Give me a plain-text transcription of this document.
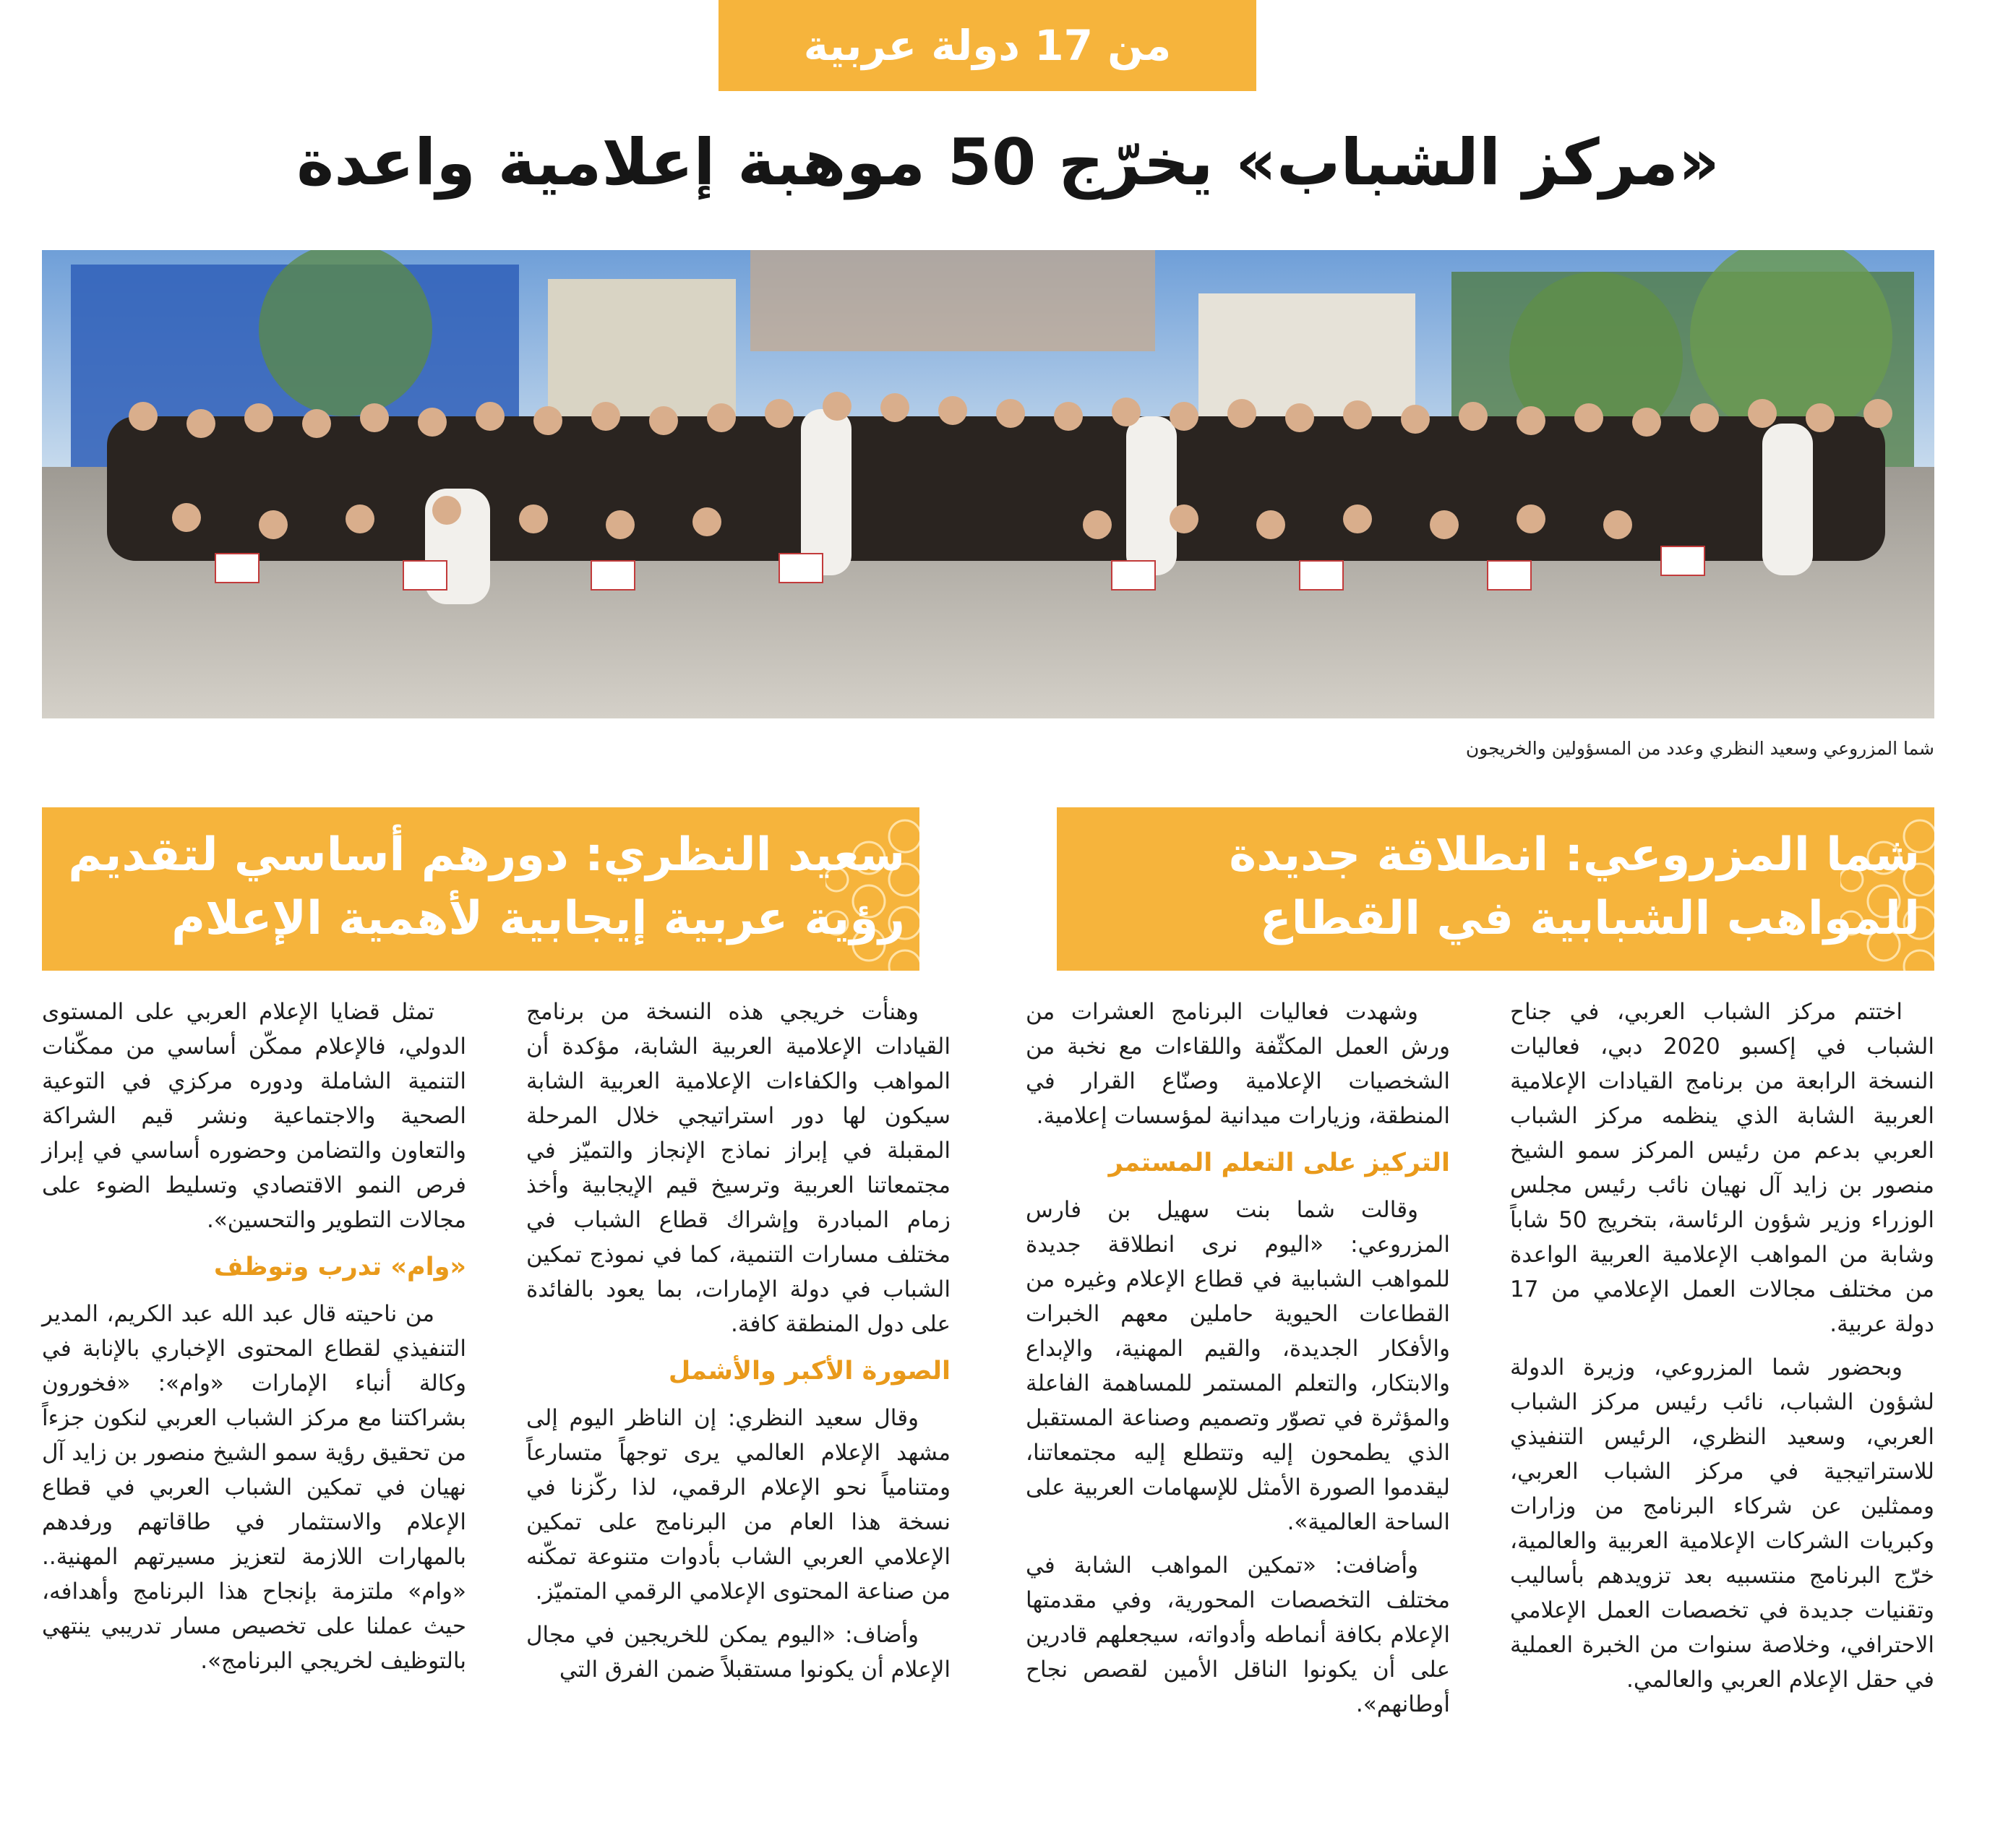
من 17 دولة عربية
«مركز الشباب» يخرّج 50 موهبة إعلامية واعدة
شما المزروعي وسعيد النظري وعدد من المسؤولين والخريجون
شما المزروعي: انطلاقة جديدة
للمواهب الشبابية في القطاع
سعيد النظري: دورهم أساسي لتقديم
رؤية عربية إيجابية لأهمية الإعلام

اختتم مركز الشباب العربي، في جناح الشباب في إكسبو 2020 دبي، فعاليات النسخة الرابعة من برنامج القيادات الإعلامية العربية الشابة الذي ينظمه مركز الشباب العربي بدعم من رئيس المركز سمو الشيخ منصور بن زايد آل نهيان نائب رئيس مجلس الوزراء وزير شؤون الرئاسة، بتخريج 50 شاباً وشابة من المواهب الإعلامية العربية الواعدة من مختلف مجالات العمل الإعلامي من 17 دولة عربية.

وبحضور شما المزروعي، وزيرة الدولة لشؤون الشباب، نائب رئيس مركز الشباب العربي، وسعيد النظري، الرئيس التنفيذي للاستراتيجية في مركز الشباب العربي، وممثلين عن شركاء البرنامج من وزارات وكبريات الشركات الإعلامية العربية والعالمية، خرّج البرنامج منتسبيه بعد تزويدهم بأساليب وتقنيات جديدة في تخصصات العمل الإعلامي الاحترافي، وخلاصة سنوات من الخبرة العملية في حقل الإعلام العربي والعالمي.

وشهدت فعاليات البرنامج العشرات من ورش العمل المكثّفة واللقاءات مع نخبة من الشخصيات الإعلامية وصنّاع القرار في المنطقة، وزيارات ميدانية لمؤسسات إعلامية.

التركيز على التعلم المستمر

وقالت شما بنت سهيل بن فارس المزروعي: «اليوم نرى انطلاقة جديدة للمواهب الشبابية في قطاع الإعلام وغيره من القطاعات الحيوية حاملين معهم الخبرات والأفكار الجديدة، والقيم المهنية، والإبداع والابتكار، والتعلم المستمر للمساهمة الفاعلة والمؤثرة في تصوّر وتصميم وصناعة المستقبل الذي يطمحون إليه وتتطلع إليه مجتمعاتنا، ليقدموا الصورة الأمثل للإسهامات العربية على الساحة العالمية».

وأضافت: «تمكين المواهب الشابة في مختلف التخصصات المحورية، وفي مقدمتها الإعلام بكافة أنماطه وأدواته، سيجعلهم قادرين على أن يكونوا الناقل الأمين لقصص نجاح أوطانهم».

وهنأت خريجي هذه النسخة من برنامج القيادات الإعلامية العربية الشابة، مؤكدة أن المواهب والكفاءات الإعلامية العربية الشابة سيكون لها دور استراتيجي خلال المرحلة المقبلة في إبراز نماذج الإنجاز والتميّز في مجتمعاتنا العربية وترسيخ قيم الإيجابية وأخذ زمام المبادرة وإشراك قطاع الشباب في مختلف مسارات التنمية، كما في نموذج تمكين الشباب في دولة الإمارات، بما يعود بالفائدة على دول المنطقة كافة.

الصورة الأكبر والأشمل

وقال سعيد النظري: إن الناظر اليوم إلى مشهد الإعلام العالمي يرى توجهاً متسارعاً ومتنامياً نحو الإعلام الرقمي، لذا ركّزنا في نسخة هذا العام من البرنامج على تمكين الإعلامي العربي الشاب بأدوات متنوعة تمكّنه من صناعة المحتوى الإعلامي الرقمي المتميّز.

وأضاف: «اليوم يمكن للخريجين في مجال الإعلام أن يكونوا مستقبلاً ضمن الفرق التي

تمثل قضايا الإعلام العربي على المستوى الدولي، فالإعلام ممكّن أساسي من ممكّنات التنمية الشاملة ودوره مركزي في التوعية الصحية والاجتماعية ونشر قيم الشراكة والتعاون والتضامن وحضوره أساسي في إبراز فرص النمو الاقتصادي وتسليط الضوء على مجالات التطوير والتحسين».

«وام» تدرب وتوظف

من ناحيته قال عبد الله عبد الكريم، المدير التنفيذي لقطاع المحتوى الإخباري بالإنابة في وكالة أنباء الإمارات «وام»: «فخورون بشراكتنا مع مركز الشباب العربي لنكون جزءاً من تحقيق رؤية سمو الشيخ منصور بن زايد آل نهيان في تمكين الشباب العربي في قطاع الإعلام والاستثمار في طاقاتهم ورفدهم بالمهارات اللازمة لتعزيز مسيرتهم المهنية.. «وام» ملتزمة بإنجاح هذا البرنامج وأهدافه، حيث عملنا على تخصيص مسار تدريبي ينتهي بالتوظيف لخريجي البرنامج».
